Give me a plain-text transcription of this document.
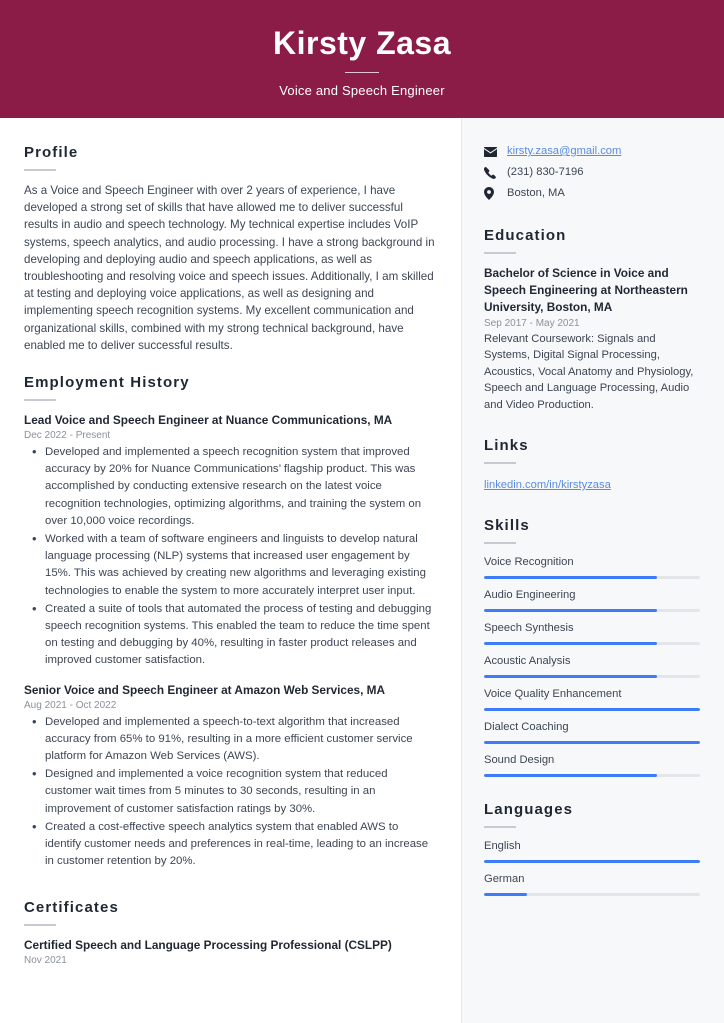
Kirsty Zasa
Voice and Speech Engineer
Profile
As a Voice and Speech Engineer with over 2 years of experience, I have developed a strong set of skills that have allowed me to deliver successful results in audio and speech technology. My technical expertise includes VoIP systems, speech analytics, and audio processing. I have a strong background in developing and deploying audio and speech applications, as well as troubleshooting and resolving voice and speech issues. Additionally, I am skilled at testing and deploying voice applications, as well as designing and implementing speech recognition systems. My excellent communication and organizational skills, combined with my strong technical background, have enabled me to deliver successful results.
Employment History
Lead Voice and Speech Engineer at Nuance Communications, MA
Dec 2022 - Present
• Developed and implemented a speech recognition system that improved accuracy by 20% for Nuance Communications’ flagship product. This was accomplished by conducting extensive research on the latest voice recognition technologies, optimizing algorithms, and training the system on over 10,000 voice recordings.
• Worked with a team of software engineers and linguists to develop natural language processing (NLP) systems that increased user engagement by 15%. This was achieved by creating new algorithms and leveraging existing technologies to enable the system to more accurately interpret user input.
• Created a suite of tools that automated the process of testing and debugging speech recognition systems. This enabled the team to reduce the time spent on testing and debugging by 40%, resulting in faster product releases and improved customer satisfaction.
Senior Voice and Speech Engineer at Amazon Web Services, MA
Aug 2021 - Oct 2022
• Developed and implemented a speech-to-text algorithm that increased accuracy from 65% to 91%, resulting in a more efficient customer service platform for Amazon Web Services (AWS).
• Designed and implemented a voice recognition system that reduced customer wait times from 5 minutes to 30 seconds, resulting in an improvement of customer satisfaction ratings by 30%.
• Created a cost-effective speech analytics system that enabled AWS to identify customer needs and preferences in real-time, leading to an increase in customer retention by 20%.
Certificates
Certified Speech and Language Processing Professional (CSLPP)
Nov 2021
kirsty.zasa@gmail.com
(231) 830-7196
Boston, MA
Education
Bachelor of Science in Voice and Speech Engineering at Northeastern University, Boston, MA
Sep 2017 - May 2021
Relevant Coursework: Signals and Systems, Digital Signal Processing, Acoustics, Vocal Anatomy and Physiology, Speech and Language Processing, Audio and Video Production.
Links
linkedin.com/in/kirstyzasa
Skills
Voice Recognition
Audio Engineering
Speech Synthesis
Acoustic Analysis
Voice Quality Enhancement
Dialect Coaching
Sound Design
Languages
English
German
